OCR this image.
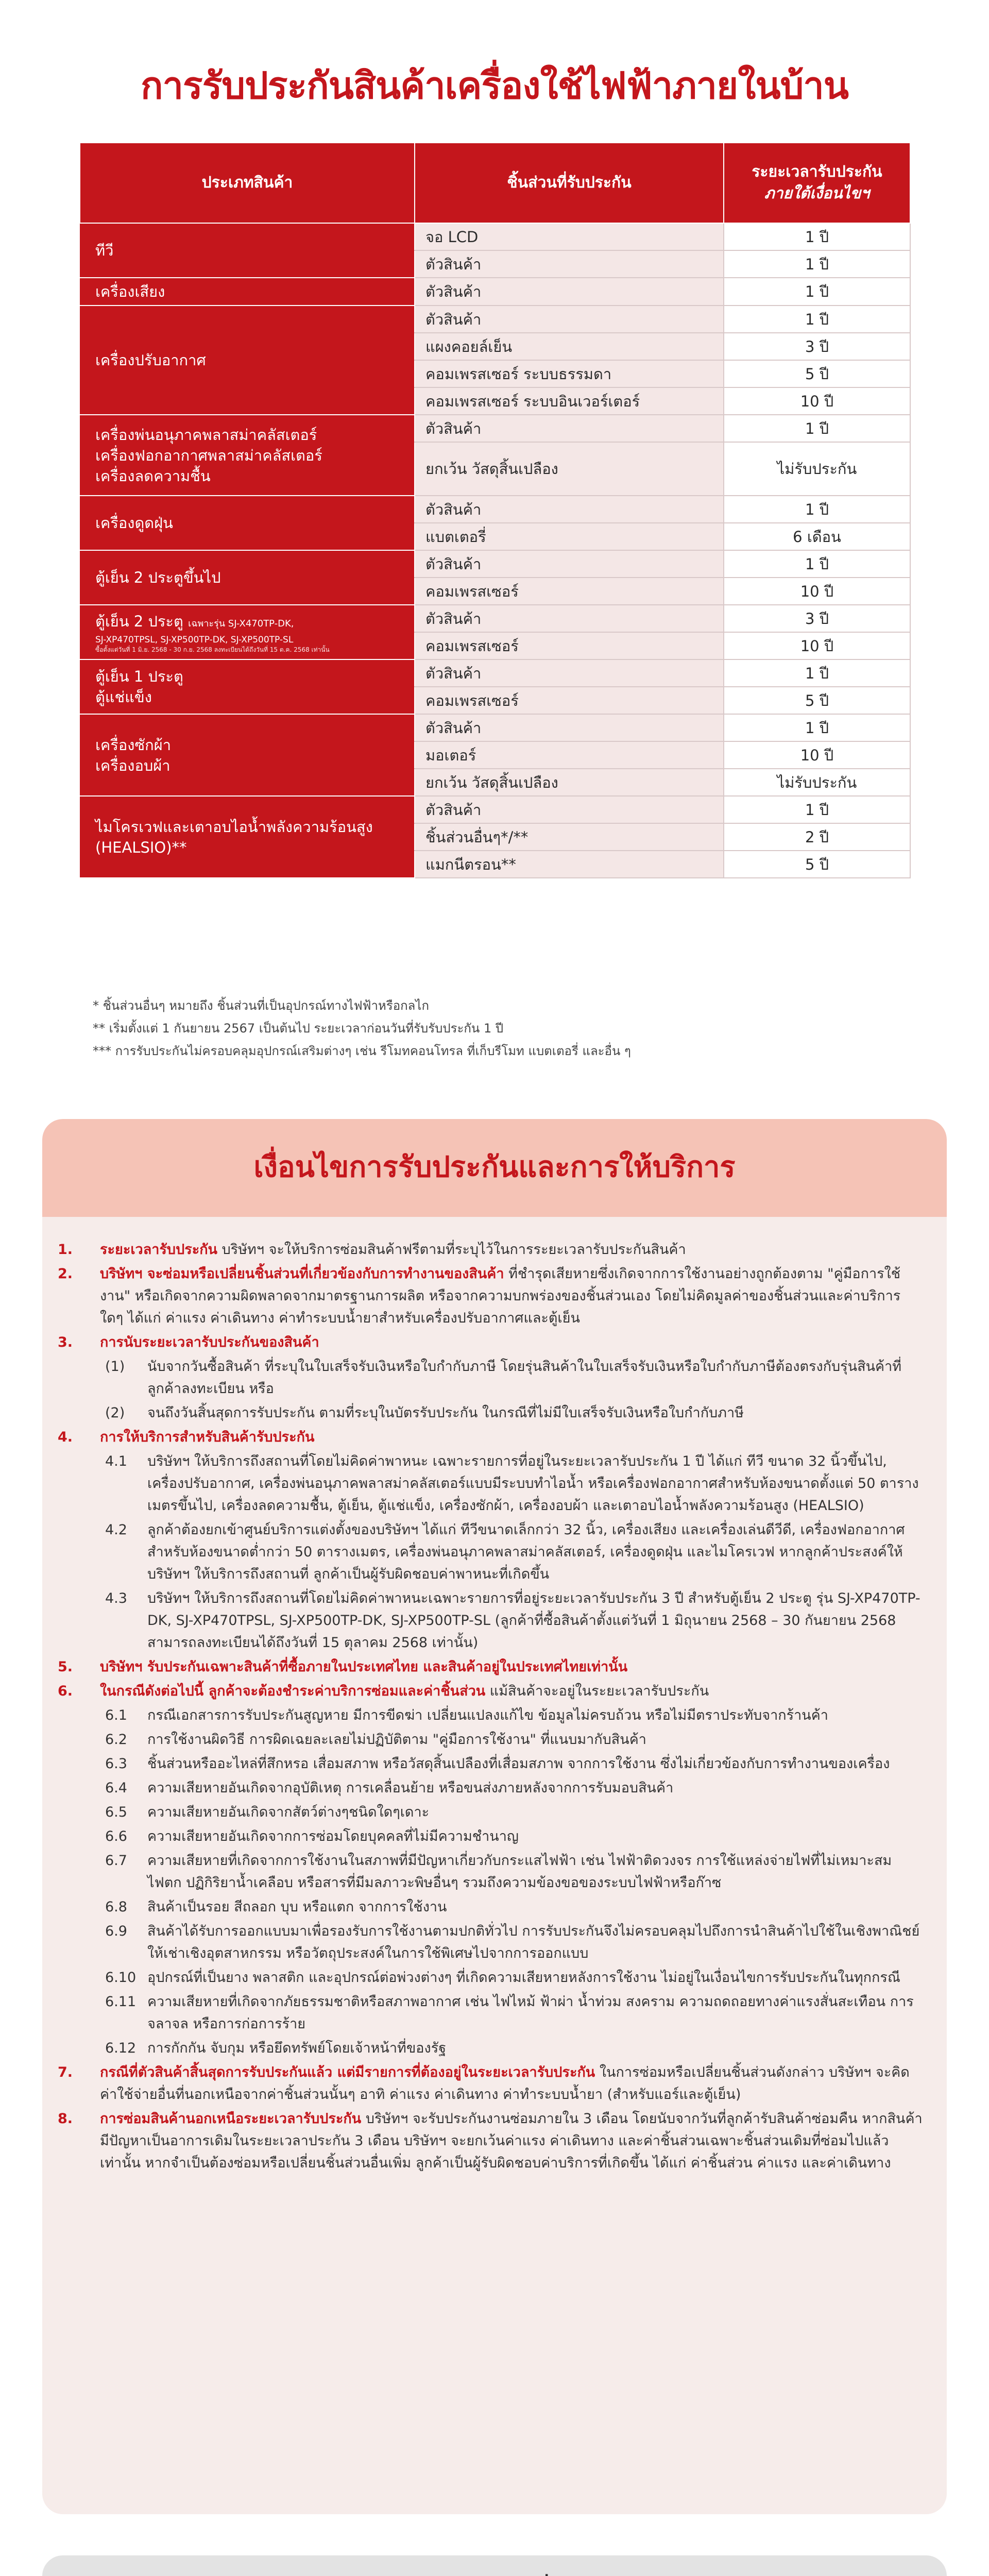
การรับประกันสินค้าเครื่องใช้ไฟฟ้าภายในบ้าน
ประเภทสินค้า	ชิ้นส่วนที่รับประกัน	ระยะเวลารับประกัน
ภายใต้เงื่อนไขฯ

ทีวี	จอ LCD	1 ปี
	ตัวสินค้า	1 ปี

เครื่องเสียง	ตัวสินค้า	1 ปี

เครื่องปรับอากาศ	ตัวสินค้า	1 ปี
	แผงคอยล์เย็น	3 ปี
	คอมเพรสเซอร์ ระบบธรรมดา	5 ปี
	คอมเพรสเซอร์ ระบบอินเวอร์เตอร์	10 ปี

เครื่องพ่นอนุภาคพลาสม่าคลัสเตอร์
เครื่องฟอกอากาศพลาสม่าคลัสเตอร์
เครื่องลดความชื้น	ตัวสินค้า	1 ปี
	ยกเว้น วัสดุสิ้นเปลือง	ไม่รับประกัน

เครื่องดูดฝุ่น	ตัวสินค้า	1 ปี
	แบตเตอรี่	6 เดือน

ตู้เย็น 2 ประตูขึ้นไป	ตัวสินค้า	1 ปี
	คอมเพรสเซอร์	10 ปี

ตู้เย็น 2 ประตู เฉพาะรุ่น SJ-X470TP-DK,
SJ-XP470TPSL, SJ-XP500TP-DK, SJ-XP500TP-SL
ซื้อตั้งแต่วันที่ 1 มิ.ย. 2568 - 30 ก.ย. 2568 ลงทะเบียนได้ถึงวันที่ 15 ต.ค. 2568 เท่านั้น	ตัวสินค้า	3 ปี
	คอมเพรสเซอร์	10 ปี

ตู้เย็น 1 ประตู
ตู้แช่แข็ง	ตัวสินค้า	1 ปี
	คอมเพรสเซอร์	5 ปี

เครื่องซักผ้า
เครื่องอบผ้า	ตัวสินค้า	1 ปี
	มอเตอร์	10 ปี
	ยกเว้น วัสดุสิ้นเปลือง	ไม่รับประกัน

ไมโครเวฟและเตาอบไอน้ำพลังความร้อนสูง
(HEALSIO)**	ตัวสินค้า	1 ปี
	ชิ้นส่วนอื่นๆ*/**	2 ปี
	แมกนีตรอน**	5 ปี

* ชิ้นส่วนอื่นๆ หมายถึง ชิ้นส่วนที่เป็นอุปกรณ์ทางไฟฟ้าหรือกลไก

** เริ่มตั้งแต่ 1 กันยายน 2567 เป็นต้นไป ระยะเวลาก่อนวันที่รับรับประกัน 1 ปี

*** การรับประกันไม่ครอบคลุมอุปกรณ์เสริมต่างๆ เช่น รีโมทคอนโทรล ที่เก็บรีโมท แบตเตอรี่ และอื่น ๆ

เงื่อนไขการรับประกันและการให้บริการ
1. ระยะเวลารับประกัน บริษัทฯ จะให้บริการซ่อมสินค้าฟรีตามที่ระบุไว้ในการระยะเวลารับประกันสินค้า
2. บริษัทฯ จะซ่อมหรือเปลี่ยนชิ้นส่วนที่เกี่ยวข้องกับการทำงานของสินค้า ที่ชำรุดเสียหายซึ่งเกิดจากการใช้งานอย่างถูกต้องตาม "คู่มือการใช้งาน" หรือเกิดจากความผิดพลาดจากมาตรฐานการผลิต หรือจากความบกพร่องของชิ้นส่วนเอง โดยไม่คิดมูลค่าของชิ้นส่วนและค่าบริการใดๆ ได้แก่ ค่าแรง ค่าเดินทาง ค่าทำระบบน้ำยาสำหรับเครื่องปรับอากาศและตู้เย็น
3. การนับระยะเวลารับประกันของสินค้า
(1) นับจากวันซื้อสินค้า ที่ระบุในใบเสร็จรับเงินหรือใบกำกับภาษี โดยรุ่นสินค้าในใบเสร็จรับเงินหรือใบกำกับภาษีต้องตรงกับรุ่นสินค้าที่ลูกค้าลงทะเบียน หรือ
(2) จนถึงวันสิ้นสุดการรับประกัน ตามที่ระบุในบัตรรับประกัน ในกรณีที่ไม่มีใบเสร็จรับเงินหรือใบกำกับภาษี
4. การให้บริการสำหรับสินค้ารับประกัน
4.1 บริษัทฯ ให้บริการถึงสถานที่โดยไม่คิดค่าพาหนะ เฉพาะรายการที่อยู่ในระยะเวลารับประกัน 1 ปี ได้แก่ ทีวี ขนาด 32 นิ้วขึ้นไป, เครื่องปรับอากาศ, เครื่องพ่นอนุภาคพลาสม่าคลัสเตอร์แบบมีระบบทำไอน้ำ หรือเครื่องฟอกอากาศสำหรับห้องขนาดตั้งแต่ 50 ตารางเมตรขึ้นไป, เครื่องลดความชื้น, ตู้เย็น, ตู้แช่แข็ง, เครื่องซักผ้า, เครื่องอบผ้า และเตาอบไอน้ำพลังความร้อนสูง (HEALSIO)
4.2 ลูกค้าต้องยกเข้าศูนย์บริการแต่งตั้งของบริษัทฯ ได้แก่ ทีวีขนาดเล็กกว่า 32 นิ้ว, เครื่องเสียง และเครื่องเล่นดีวีดี, เครื่องฟอกอากาศ สำหรับห้องขนาดต่ำกว่า 50 ตารางเมตร, เครื่องพ่นอนุภาคพลาสม่าคลัสเตอร์, เครื่องดูดฝุ่น และไมโครเวฟ หากลูกค้าประสงค์ให้บริษัทฯ ให้บริการถึงสถานที่ ลูกค้าเป็นผู้รับผิดชอบค่าพาหนะที่เกิดขึ้น
4.3 บริษัทฯ ให้บริการถึงสถานที่โดยไม่คิดค่าพาหนะเฉพาะรายการที่อยู่ระยะเวลารับประกัน 3 ปี สำหรับตู้เย็น 2 ประตู รุ่น SJ-XP470TP-DK, SJ-XP470TPSL, SJ-XP500TP-DK, SJ-XP500TP-SL (ลูกค้าที่ซื้อสินค้าตั้งแต่วันที่ 1 มิถุนายน 2568 – 30 กันยายน 2568 สามารถลงทะเบียนได้ถึงวันที่ 15 ตุลาคม 2568 เท่านั้น)
5. บริษัทฯ รับประกันเฉพาะสินค้าที่ซื้อภายในประเทศไทย และสินค้าอยู่ในประเทศไทยเท่านั้น
6. ในกรณีดังต่อไปนี้ ลูกค้าจะต้องชำระค่าบริการซ่อมและค่าชิ้นส่วน แม้สินค้าจะอยู่ในระยะเวลารับประกัน
6.1 กรณีเอกสารการรับประกันสูญหาย มีการขีดฆ่า เปลี่ยนแปลงแก้ไข ข้อมูลไม่ครบถ้วน หรือไม่มีตราประทับจากร้านค้า
6.2 การใช้งานผิดวิธี การผิดเฉยละเลยไม่ปฏิบัติตาม "คู่มือการใช้งาน" ที่แนบมากับสินค้า
6.3 ชิ้นส่วนหรืออะไหล่ที่สึกหรอ เสื่อมสภาพ หรือวัสดุสิ้นเปลืองที่เสื่อมสภาพ จากการใช้งาน ซึ่งไม่เกี่ยวข้องกับการทำงานของเครื่อง
6.4 ความเสียหายอันเกิดจากอุบัติเหตุ การเคลื่อนย้าย หรือขนส่งภายหลังจากการรับมอบสินค้า
6.5 ความเสียหายอันเกิดจากสัตว์ต่างๆชนิดใดๆเดาะ
6.6 ความเสียหายอันเกิดจากการซ่อมโดยบุคคลที่ไม่มีความชำนาญ
6.7 ความเสียหายที่เกิดจากการใช้งานในสภาพที่มีปัญหาเกี่ยวกับกระแสไฟฟ้า เช่น ไฟฟ้าติดวงจร การใช้แหล่งจ่ายไฟที่ไม่เหมาะสม ไฟตก ปฏิกิริยาน้ำเคลือบ หรือสารที่มีมลภาวะพิษอื่นๆ รวมถึงความข้องขอของระบบไฟฟ้าหรือก๊าซ
6.8 สินค้าเป็นรอย สีถลอก บุบ หรือแตก จากการใช้งาน
6.9 สินค้าได้รับการออกแบบมาเพื่อรองรับการใช้งานตามปกติทั่วไป การรับประกันจึงไม่ครอบคลุมไปถึงการนำสินค้าไปใช้ในเชิงพาณิชย์ ให้เช่าเชิงอุตสาหกรรม หรือวัตถุประสงค์ในการใช้พิเศษไปจากการออกแบบ
6.10 อุปกรณ์ที่เป็นยาง พลาสติก และอุปกรณ์ต่อพ่วงต่างๆ ที่เกิดความเสียหายหลังการใช้งาน ไม่อยู่ในเงื่อนไขการรับประกันในทุกกรณี
6.11 ความเสียหายที่เกิดจากภัยธรรมชาติหรือสภาพอากาศ เช่น ไฟไหม้ ฟ้าผ่า น้ำท่วม สงคราม ความถดถอยทางค่าแรงสั่นสะเทือน การจลาจล หรือการก่อการร้าย
6.12 การกักกัน จับกุม หรือยึดทรัพย์โดยเจ้าหน้าที่ของรัฐ
7. กรณีที่ตัวสินค้าสิ้นสุดการรับประกันแล้ว แต่มีรายการที่ต้องอยู่ในระยะเวลารับประกัน ในการซ่อมหรือเปลี่ยนชิ้นส่วนดังกล่าว บริษัทฯ จะคิดค่าใช้จ่ายอื่นที่นอกเหนือจากค่าชิ้นส่วนนั้นๆ อาทิ ค่าแรง ค่าเดินทาง ค่าทำระบบน้ำยา (สำหรับแอร์และตู้เย็น)
8. การซ่อมสินค้านอกเหนือระยะเวลารับประกัน บริษัทฯ จะรับประกันงานซ่อมภายใน 3 เดือน โดยนับจากวันที่ลูกค้ารับสินค้าซ่อมคืน หากสินค้ามีปัญหาเป็นอาการเดิมในระยะเวลาประกัน 3 เดือน บริษัทฯ จะยกเว้นค่าแรง ค่าเดินทาง และค่าชิ้นส่วนเฉพาะชิ้นส่วนเดิมที่ซ่อมไปแล้วเท่านั้น หากจำเป็นต้องซ่อมหรือเปลี่ยนชิ้นส่วนอื่นเพิ่ม ลูกค้าเป็นผู้รับผิดชอบค่าบริการที่เกิดขึ้น ได้แก่ ค่าชิ้นส่วน ค่าแรง และค่าเดินทาง
